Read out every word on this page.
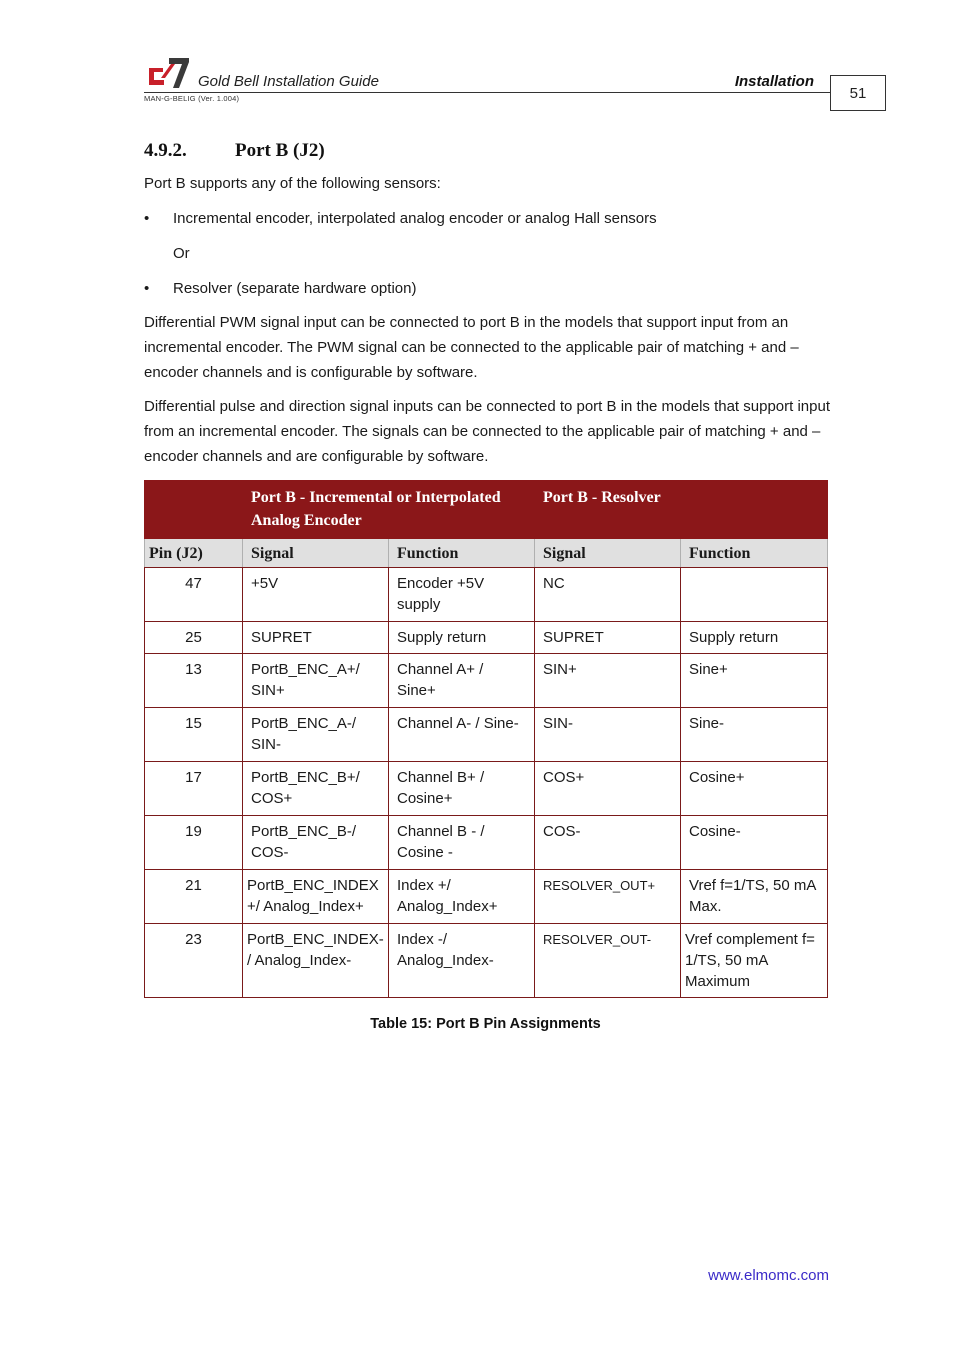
Gold Bell Installation Guide	Installation
MAN-G-BELIG (Ver. 1.004)	51
4.9.2.	Port B (J2)
Port B supports any of the following sensors:
•	Incremental encoder, interpolated analog encoder or analog Hall sensors
Or
•	Resolver (separate hardware option)
Differential PWM signal input can be connected to port B in the models that support input from an incremental encoder. The PWM signal can be connected to the applicable pair of matching + and – encoder channels and is configurable by software.
Differential pulse and direction signal inputs can be connected to port B in the models that support input from an incremental encoder. The signals can be connected to the applicable pair of matching + and – encoder channels and are configurable by software.
	Port B - Incremental or Interpolated Analog Encoder		Port B - Resolver	
Pin (J2)	Signal	Function	Signal	Function
47	+5V	Encoder +5V supply	NC	
25	SUPRET	Supply return	SUPRET	Supply return
13	PortB_ENC_A+/ SIN+	Channel A+ / Sine+	SIN+	Sine+
15	PortB_ENC_A-/ SIN-	Channel A- / Sine-	SIN-	Sine-
17	PortB_ENC_B+/ COS+	Channel B+ / Cosine+	COS+	Cosine+
19	PortB_ENC_B-/ COS-	Channel B - / Cosine -	COS-	Cosine-
21	PortB_ENC_INDEX +/ Analog_Index+	Index +/ Analog_Index+	RESOLVER_OUT+	Vref f=1/TS, 50 mA Max.
23	PortB_ENC_INDEX- / Analog_Index-	Index -/ Analog_Index-	RESOLVER_OUT-	Vref complement f= 1/TS, 50 mA Maximum
Table 15: Port B Pin Assignments
www.elmomc.com
